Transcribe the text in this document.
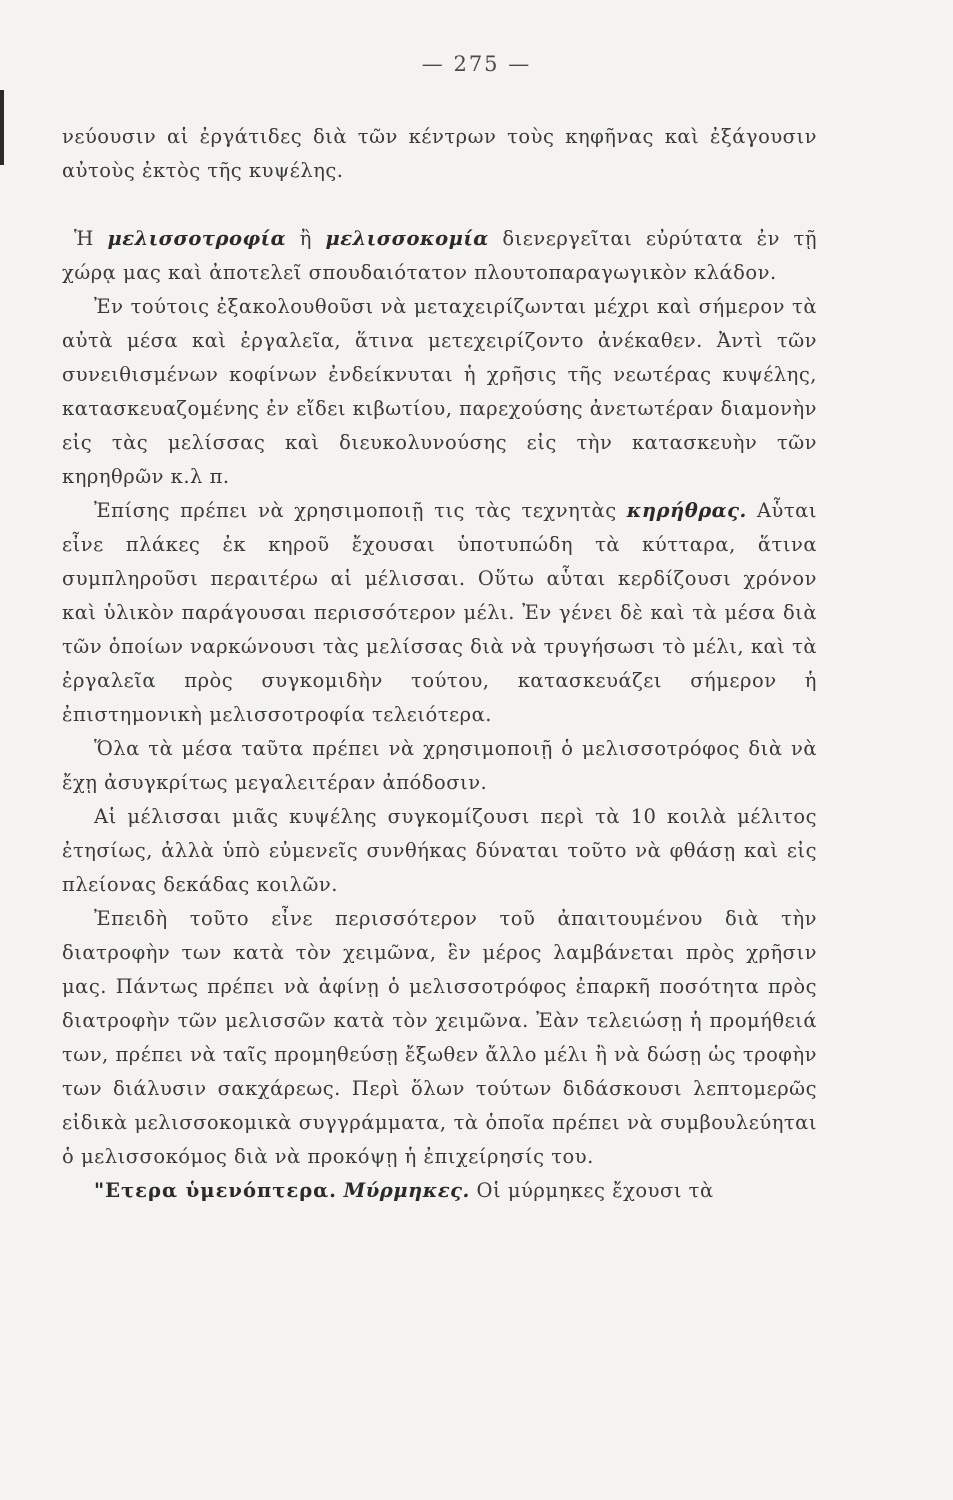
— 275 —

νεύουσιν αἱ ἐργάτιδες διὰ τῶν κέντρων τοὺς κηφῆνας καὶ ἐξάγουσιν αὐτοὺς ἐκτὸς τῆς κυψέλης.

Ἡ μελισσοτροφία ἢ μελισσοκομία διενεργεῖται εὐρύτατα ἐν τῇ χώρᾳ μας καὶ ἀποτελεῖ σπουδαιότατον πλουτοπαραγωγικὸν κλάδον.

Ἐν τούτοις ἐξακολουθοῦσι νὰ μεταχειρίζωνται μέχρι καὶ σήμερον τὰ αὐτὰ μέσα καὶ ἐργαλεῖα, ἅτινα μετεχειρίζοντο ἀνέκαθεν. Ἀντὶ τῶν συνειθισμένων κοφίνων ἐνδείκνυται ἡ χρῆσις τῆς νεωτέρας κυψέλης, κατασκευαζομένης ἐν εἴδει κιβωτίου, παρεχούσης ἀνετωτέραν διαμονὴν εἰς τὰς μελίσσας καὶ διευκολυνούσης εἰς τὴν κατασκευὴν τῶν κηρηθρῶν κ.λ π.

Ἐπίσης πρέπει νὰ χρησιμοποιῇ τις τὰς τεχνητὰς κηρήθρας. Αὗται εἶνε πλάκες ἐκ κηροῦ ἔχουσαι ὑποτυπώδη τὰ κύτταρα, ἅτινα συμπληροῦσι περαιτέρω αἱ μέλισσαι. Οὕτω αὗται κερδίζουσι χρόνον καὶ ὑλικὸν παράγουσαι περισσότερον μέλι. Ἐν γένει δὲ καὶ τὰ μέσα διὰ τῶν ὁποίων ναρκώνουσι τὰς μελίσσας διὰ νὰ τρυγήσωσι τὸ μέλι, καὶ τὰ ἐργαλεῖα πρὸς συγκομιδὴν τούτου, κατασκευάζει σήμερον ἡ ἐπιστημονικὴ μελισσοτροφία τελειότερα.

Ὅλα τὰ μέσα ταῦτα πρέπει νὰ χρησιμοποιῇ ὁ μελισσοτρόφος διὰ νὰ ἔχῃ ἀσυγκρίτως μεγαλειτέραν ἀπόδοσιν.

Αἱ μέλισσαι μιᾶς κυψέλης συγκομίζουσι περὶ τὰ 10 κοιλὰ μέλιτος ἐτησίως, ἀλλὰ ὑπὸ εὐμενεῖς συνθήκας δύναται τοῦτο νὰ φθάσῃ καὶ εἰς πλείονας δεκάδας κοιλῶν.

Ἐπειδὴ τοῦτο εἶνε περισσότερον τοῦ ἀπαιτουμένου διὰ τὴν διατροφὴν των κατὰ τὸν χειμῶνα, ἓν μέρος λαμβάνεται πρὸς χρῆσιν μας. Πάντως πρέπει νὰ ἀφίνῃ ὁ μελισσοτρόφος ἐπαρκῆ ποσότητα πρὸς διατροφὴν τῶν μελισσῶν κατὰ τὸν χειμῶνα. Ἐὰν τελειώσῃ ἡ προμήθειά των, πρέπει νὰ ταῖς προμηθεύσῃ ἔξωθεν ἄλλο μέλι ἢ νὰ δώσῃ ὡς τροφὴν των διάλυσιν σακχάρεως. Περὶ ὅλων τούτων διδάσκουσι λεπτομερῶς εἰδικὰ μελισσοκομικὰ συγγράμματα, τὰ ὁποῖα πρέπει νὰ συμβουλεύηται ὁ μελισσοκόμος διὰ νὰ προκόψῃ ἡ ἐπιχείρησίς του.

"Ετερα ὑμενόπτερα. Μύρμηκες. Οἱ μύρμηκες ἔχουσι τὰ
